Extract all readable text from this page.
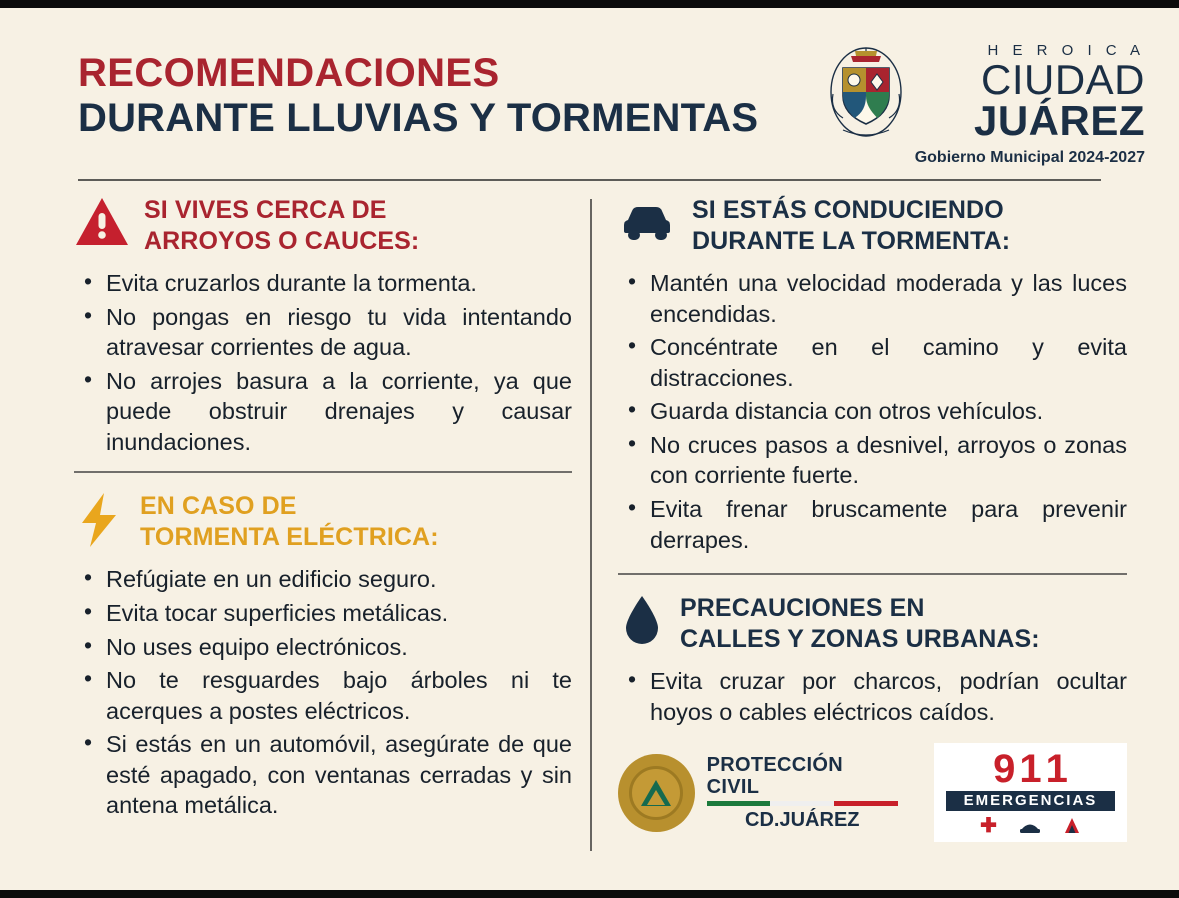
RECOMENDACIONES
DURANTE LLUVIAS Y TORMENTAS
H E R O I C A
CIUDAD
JUÁREZ
Gobierno Municipal 2024-2027
SI VIVES CERCA DE
ARROYOS O CAUCES:
• Evita cruzarlos durante la tormenta.
• No pongas en riesgo tu vida intentando atravesar corrientes de agua.
• No arrojes basura a la corriente, ya que puede obstruir drenajes y causar inundaciones.
EN CASO DE
TORMENTA ELÉCTRICA:
• Refúgiate en un edificio seguro.
• Evita tocar superficies metálicas.
• No uses equipo electrónicos.
• No te resguardes bajo árboles ni te acerques a postes eléctricos.
• Si estás en un automóvil, asegúrate de que esté apagado, con ventanas cerradas y sin antena metálica.
SI ESTÁS CONDUCIENDO
DURANTE LA TORMENTA:
• Mantén una velocidad moderada y las luces encendidas.
• Concéntrate en el camino y evita distracciones.
• Guarda distancia con otros vehículos.
• No cruces pasos a desnivel, arroyos o zonas con corriente fuerte.
• Evita frenar bruscamente para prevenir derrapes.
PRECAUCIONES EN
CALLES Y ZONAS URBANAS:
• Evita cruzar por charcos, podrían ocultar hoyos o cables eléctricos caídos.
PROTECCIÓN CIVIL
CD.JUÁREZ
9 1 1
EMERGENCIAS
✚
